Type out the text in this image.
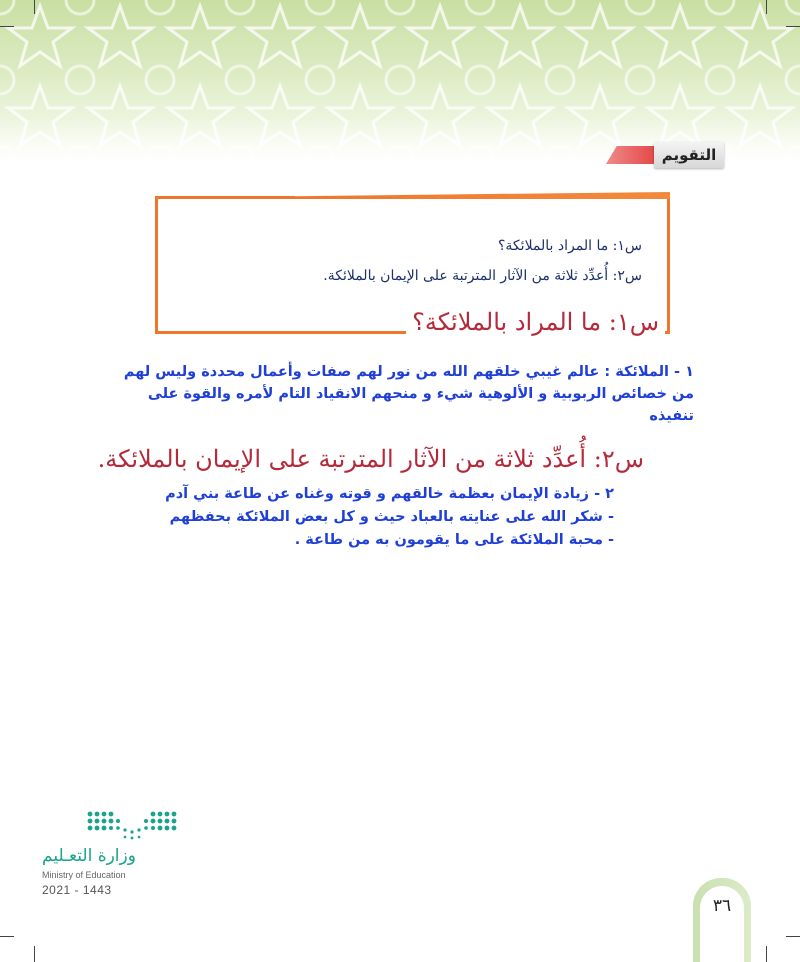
التقويم
س١: ما المراد بالملائكة؟
س٢: أُعدِّد ثلاثة من الآثار المترتبة على الإيمان بالملائكة.
س١: ما المراد بالملائكة؟
١ - الملائكة : عالم غيبي خلقهم الله من نور لهم صفات وأعمال محددة وليس لهم
من خصائص الربوبية و الألوهية شيء و منحهم الانقياد التام لأمره والقوة على
تنفيذه
س٢: أُعدِّد ثلاثة من الآثار المترتبة على الإيمان بالملائكة.
٢ - زيادة الإيمان بعظمة خالقهم و قوته وغناه عن طاعة بني آدم
- شكر الله على عنايته بالعباد حيث و كل بعض الملائكة بحفظهم
- محبة الملائكة على ما يقومون به من طاعة .
وزارة التعـليم
Ministry of Education
2021 - 1443
٣٦
